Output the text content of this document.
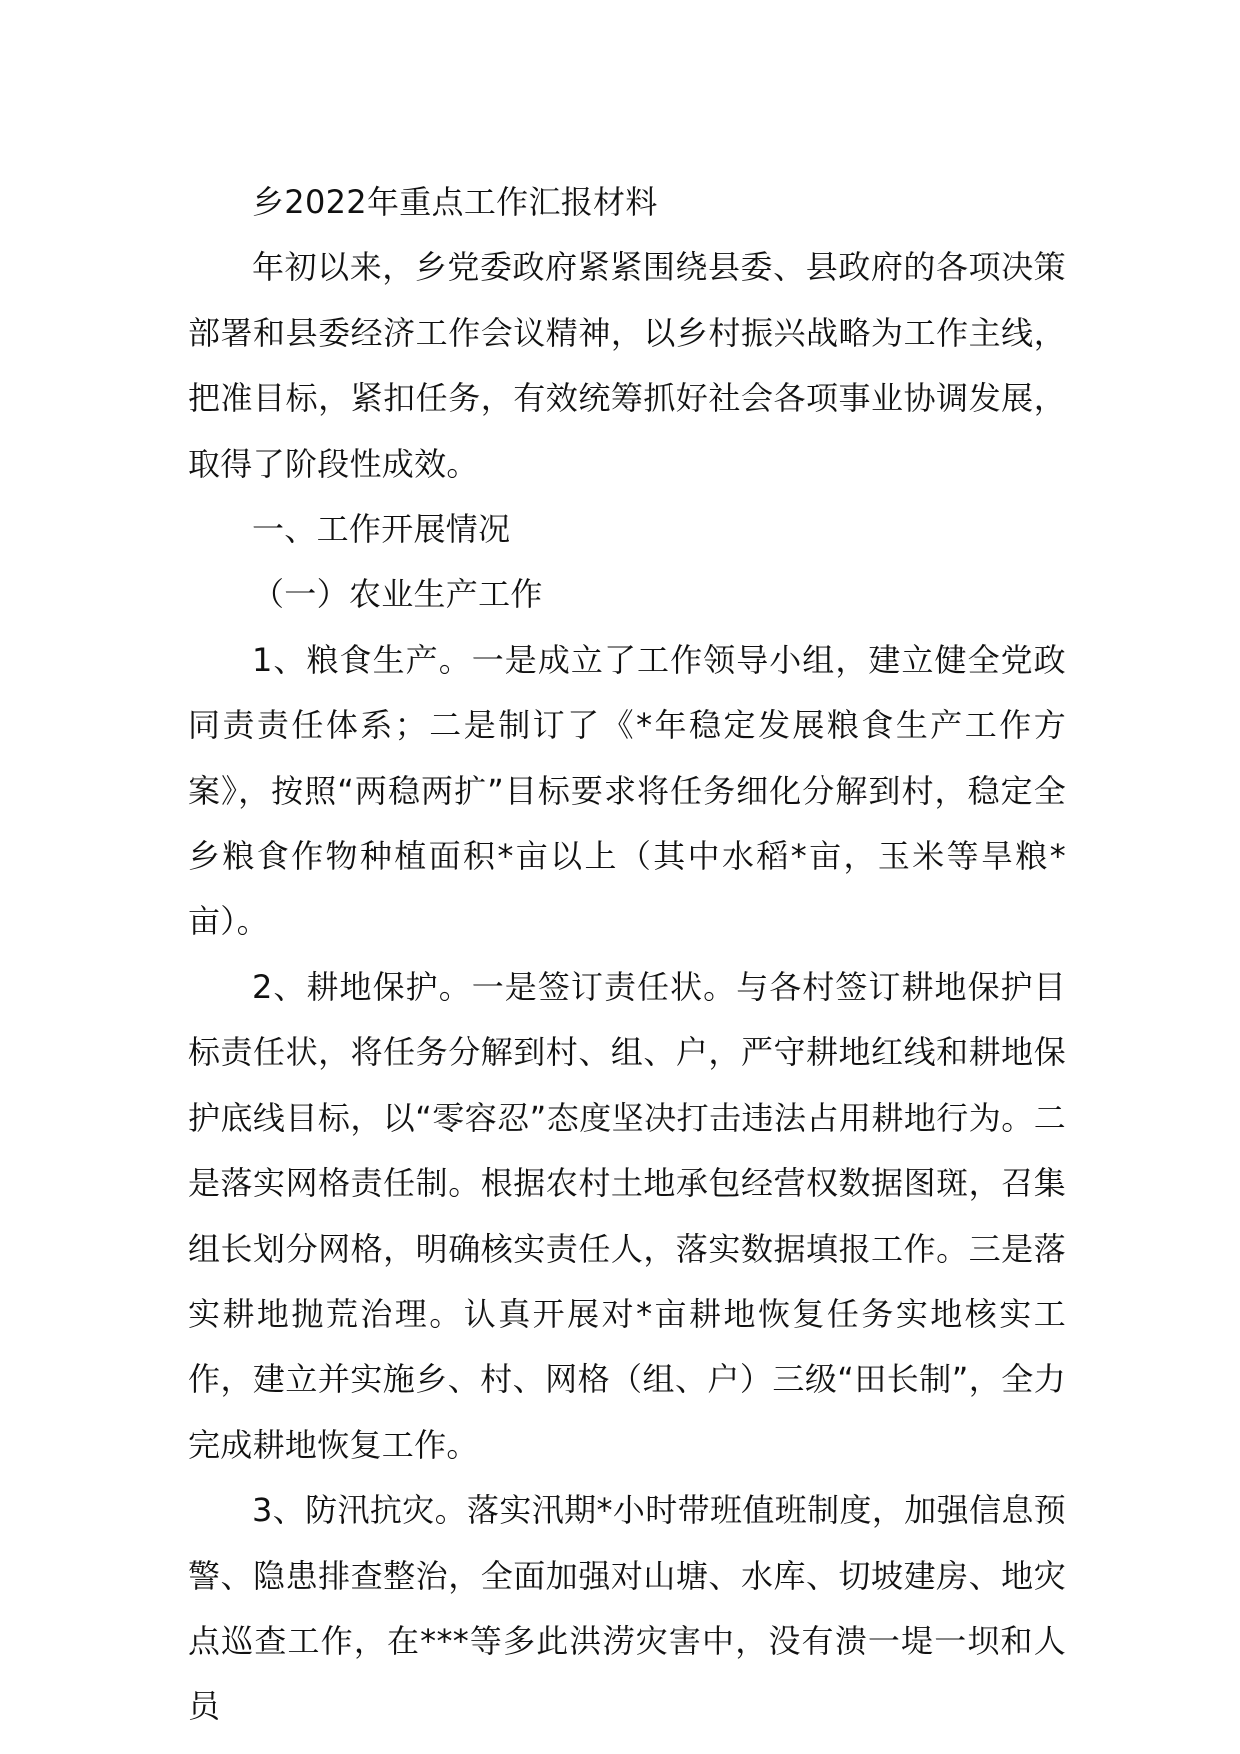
乡2022年重点工作汇报材料

年初以来，乡党委政府紧紧围绕县委、县政府的各项决策部署和县委经济工作会议精神，以乡村振兴战略为工作主线，把准目标，紧扣任务，有效统筹抓好社会各项事业协调发展，取得了阶段性成效。

一、工作开展情况

（一）农业生产工作

1、粮食生产。一是成立了工作领导小组，建立健全党政同责责任体系；二是制订了《*年稳定发展粮食生产工作方案》，按照“两稳两扩”目标要求将任务细化分解到村，稳定全乡粮食作物种植面积*亩以上（其中水稻*亩，玉米等旱粮*亩）。

2、耕地保护。一是签订责任状。与各村签订耕地保护目标责任状，将任务分解到村、组、户，严守耕地红线和耕地保护底线目标，以“零容忍”态度坚决打击违法占用耕地行为。二是落实网格责任制。根据农村土地承包经营权数据图斑，召集组长划分网格，明确核实责任人，落实数据填报工作。三是落实耕地抛荒治理。认真开展对*亩耕地恢复任务实地核实工作，建立并实施乡、村、网格（组、户）三级“田长制”，全力完成耕地恢复工作。

3、防汛抗灾。落实汛期*小时带班值班制度，加强信息预警、隐患排查整治，全面加强对山塘、水库、切坡建房、地灾点巡查工作，在***等多此洪涝灾害中，没有溃一堤一坝和人员
